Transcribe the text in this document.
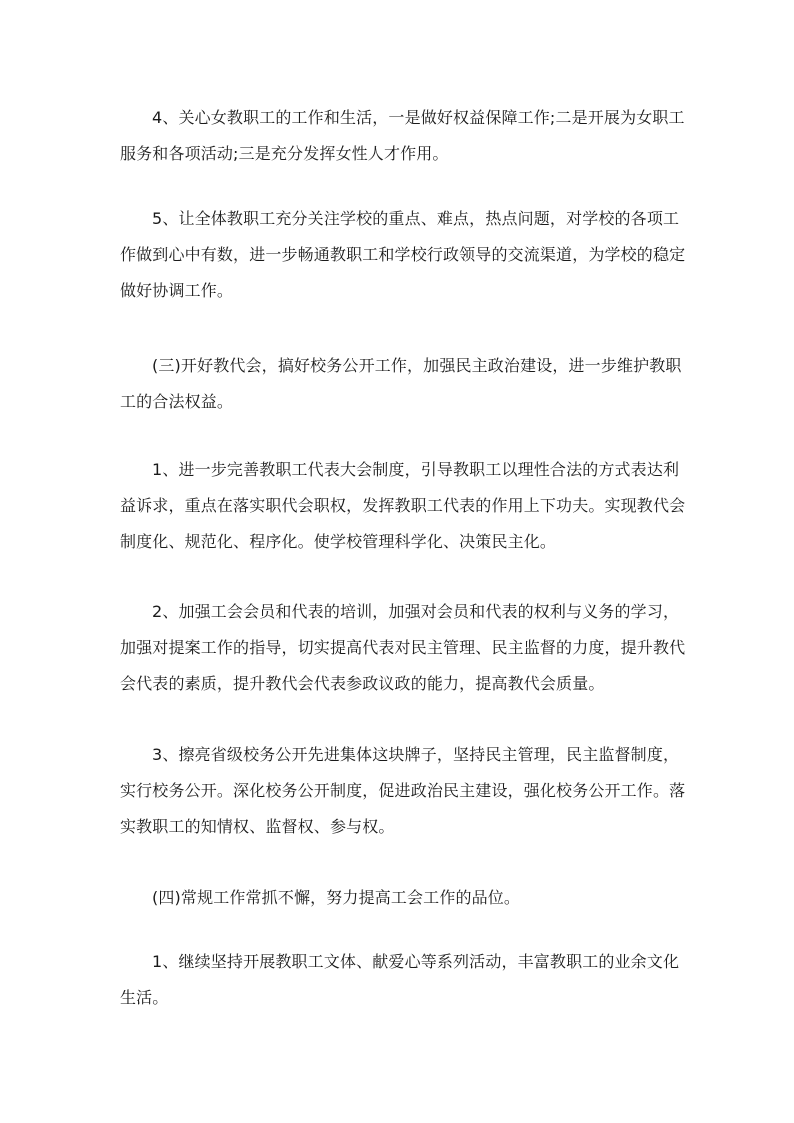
4、关心女教职工的工作和生活，一是做好权益保障工作;二是开展为女职工
服务和各项活动;三是充分发挥女性人才作用。

5、让全体教职工充分关注学校的重点、难点，热点问题，对学校的各项工
作做到心中有数，进一步畅通教职工和学校行政领导的交流渠道，为学校的稳定
做好协调工作。

(三)开好教代会，搞好校务公开工作，加强民主政治建设，进一步维护教职
工的合法权益。

1、进一步完善教职工代表大会制度，引导教职工以理性合法的方式表达利
益诉求，重点在落实职代会职权，发挥教职工代表的作用上下功夫。实现教代会
制度化、规范化、程序化。使学校管理科学化、决策民主化。

2、加强工会会员和代表的培训，加强对会员和代表的权利与义务的学习，
加强对提案工作的指导，切实提高代表对民主管理、民主监督的力度，提升教代
会代表的素质，提升教代会代表参政议政的能力，提高教代会质量。

3、擦亮省级校务公开先进集体这块牌子，坚持民主管理，民主监督制度，
实行校务公开。深化校务公开制度，促进政治民主建设，强化校务公开工作。落
实教职工的知情权、监督权、参与权。

(四)常规工作常抓不懈，努力提高工会工作的品位。

1、继续坚持开展教职工文体、献爱心等系列活动，丰富教职工的业余文化
生活。
